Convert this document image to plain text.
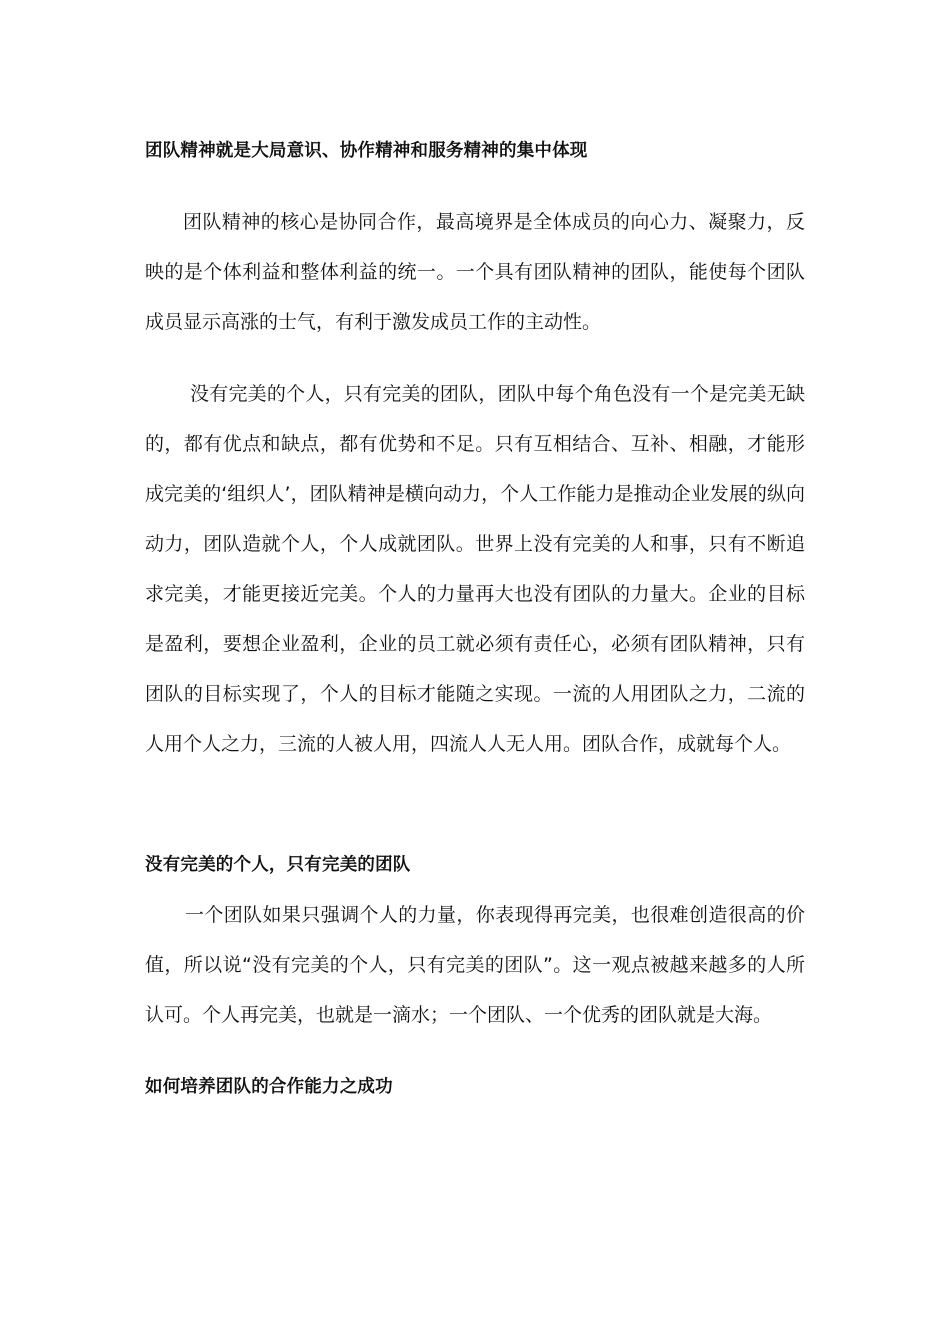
团队精神就是大局意识、协作精神和服务精神的集中体现

团队精神的核心是协同合作，最高境界是全体成员的向心力、凝聚力，反映的是个体利益和整体利益的统一。一个具有团队精神的团队，能使每个团队成员显示高涨的士气，有利于激发成员工作的主动性。

没有完美的个人，只有完美的团队，团队中每个角色没有一个是完美无缺的，都有优点和缺点，都有优势和不足。只有互相结合、互补、相融，才能形成完美的‘组织人’，团队精神是横向动力，个人工作能力是推动企业发展的纵向动力，团队造就个人，个人成就团队。世界上没有完美的人和事，只有不断追求完美，才能更接近完美。个人的力量再大也没有团队的力量大。企业的目标是盈利，要想企业盈利，企业的员工就必须有责任心，必须有团队精神，只有团队的目标实现了，个人的目标才能随之实现。一流的人用团队之力，二流的人用个人之力，三流的人被人用，四流人人无人用。团队合作，成就每个人。

没有完美的个人，只有完美的团队

一个团队如果只强调个人的力量，你表现得再完美，也很难创造很高的价值，所以说“没有完美的个人，只有完美的团队”。这一观点被越来越多的人所认可。个人再完美，也就是一滴水；一个团队、一个优秀的团队就是大海。

如何培养团队的合作能力之成功
